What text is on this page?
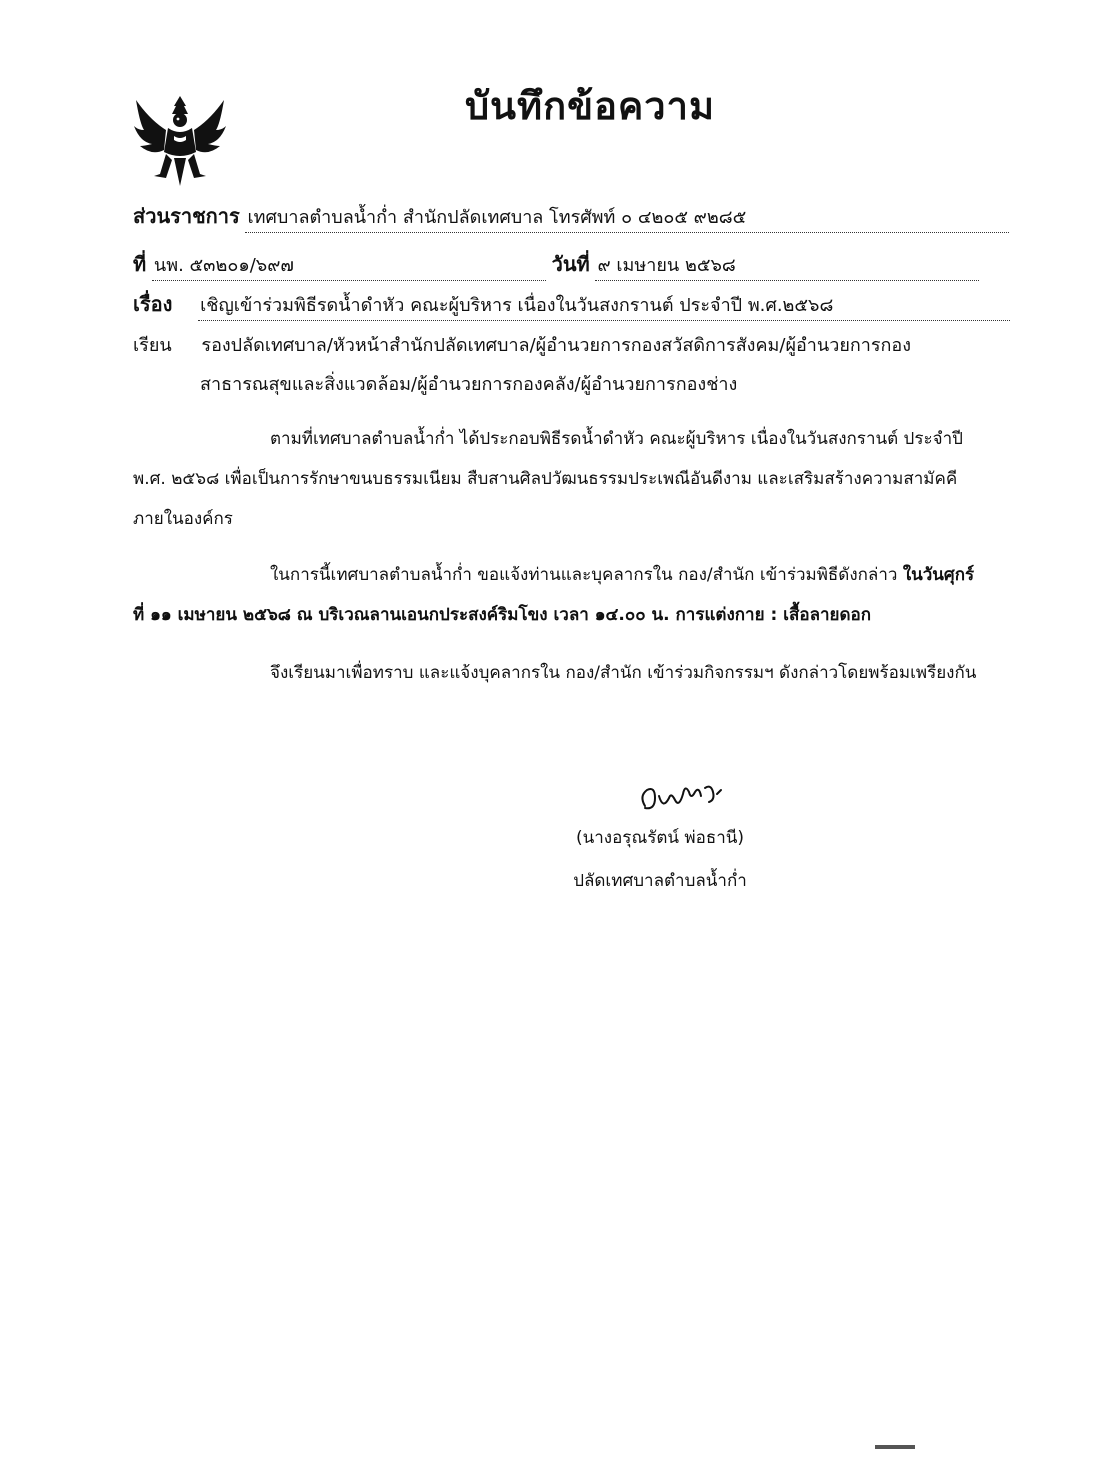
บันทึกข้อความ
ส่วนราชการ เทศบาลตำบลน้ำก่ำ สำนักปลัดเทศบาล โทรศัพท์ ๐ ๔๒๐๕ ๙๒๘๕
ที่ นพ. ๕๓๒๐๑/๖๙๗	วันที่ ๙ เมษายน ๒๕๖๘
เรื่อง เชิญเข้าร่วมพิธีรดน้ำดำหัว คณะผู้บริหาร เนื่องในวันสงกรานต์ ประจำปี พ.ศ.๒๕๖๘
เรียน รองปลัดเทศบาล/หัวหน้าสำนักปลัดเทศบาล/ผู้อำนวยการกองสวัสดิการสังคม/ผู้อำนวยการกอง
สาธารณสุขและสิ่งแวดล้อม/ผู้อำนวยการกองคลัง/ผู้อำนวยการกองช่าง
ตามที่เทศบาลตำบลน้ำก่ำ ได้ประกอบพิธีรดน้ำดำหัว คณะผู้บริหาร เนื่องในวันสงกรานต์ ประจำปี
พ.ศ. ๒๕๖๘ เพื่อเป็นการรักษาขนบธรรมเนียม สืบสานศิลปวัฒนธรรมประเพณีอันดีงาม และเสริมสร้างความสามัคคี
ภายในองค์กร
ในการนี้เทศบาลตำบลน้ำก่ำ ขอแจ้งท่านและบุคลากรใน กอง/สำนัก เข้าร่วมพิธีดังกล่าว ในวันศุกร์
ที่ ๑๑ เมษายน ๒๕๖๘ ณ บริเวณลานเอนกประสงค์ริมโขง เวลา ๑๔.๐๐ น. การแต่งกาย : เสื้อลายดอก
จึงเรียนมาเพื่อทราบ และแจ้งบุคลากรใน กอง/สำนัก เข้าร่วมกิจกรรมฯ ดังกล่าวโดยพร้อมเพรียงกัน
(นางอรุณรัตน์ พ่อธานี)
ปลัดเทศบาลตำบลน้ำก่ำ
